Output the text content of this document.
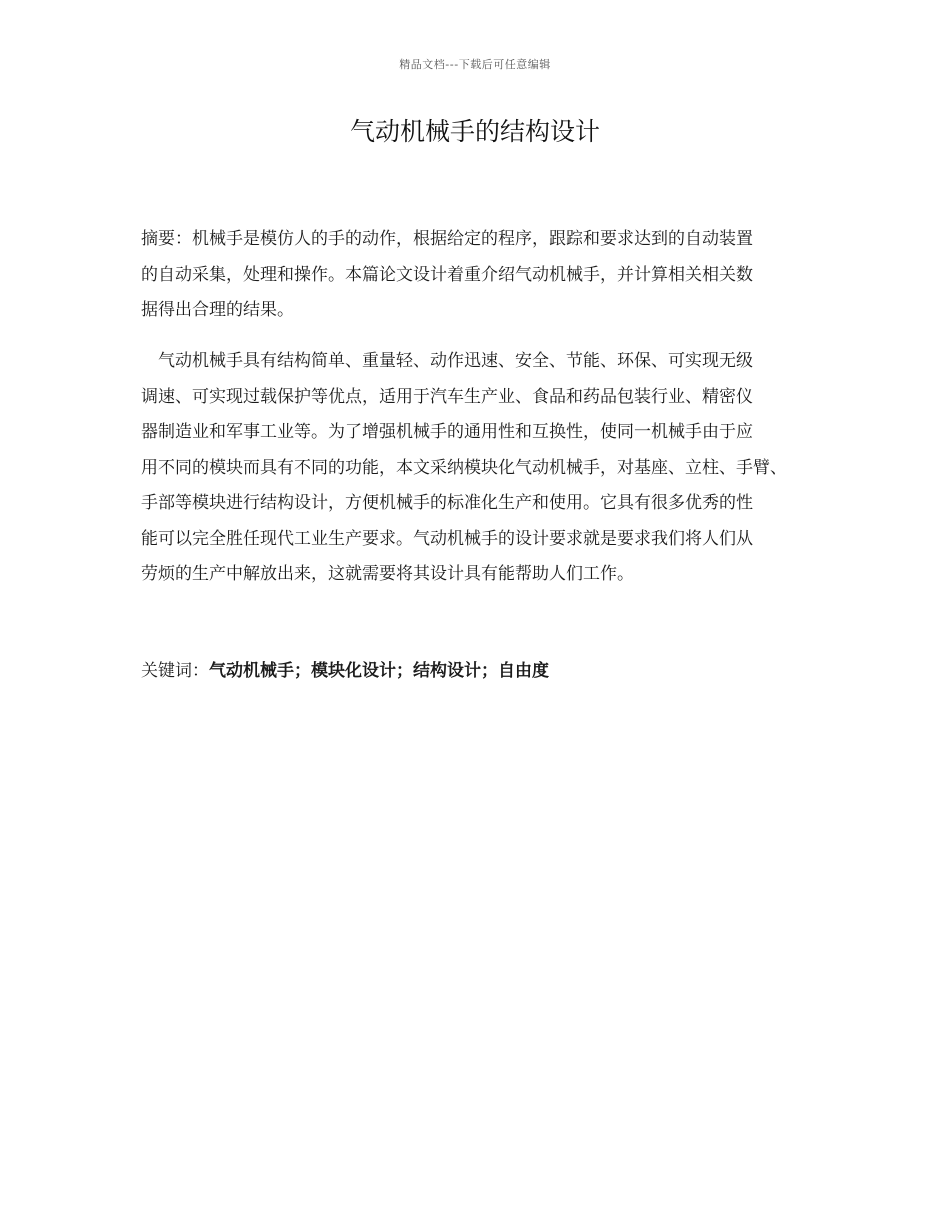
精品文档---下载后可任意编辑
气动机械手的结构设计
摘要：机械手是模仿人的手的动作，根据给定的程序，跟踪和要求达到的自动装置
的自动采集，处理和操作。本篇论文设计着重介绍气动机械手，并计算相关相关数
据得出合理的结果。
　气动机械手具有结构简单、重量轻、动作迅速、安全、节能、环保、可实现无级
调速、可实现过载保护等优点，适用于汽车生产业、食品和药品包装行业、精密仪
器制造业和军事工业等。为了增强机械手的通用性和互换性，使同一机械手由于应
用不同的模块而具有不同的功能，本文采纳模块化气动机械手，对基座、立柱、手臂、
手部等模块进行结构设计，方便机械手的标准化生产和使用。它具有很多优秀的性
能可以完全胜任现代工业生产要求。气动机械手的设计要求就是要求我们将人们从
劳烦的生产中解放出来，这就需要将其设计具有能帮助人们工作。
关键词：气动机械手；模块化设计；结构设计；自由度
